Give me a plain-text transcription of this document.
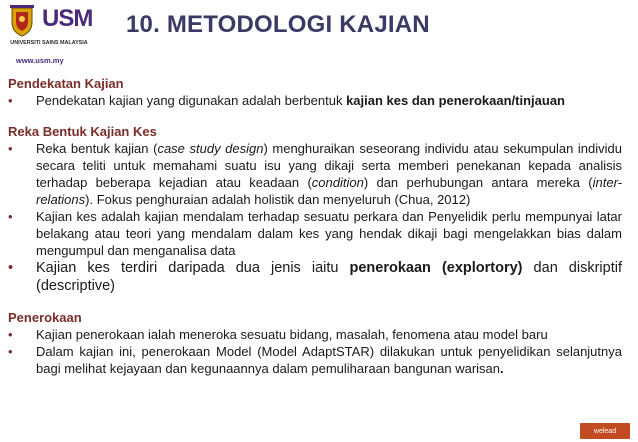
USM
UNIVERSITI SAINS MALAYSIA
www.usm.my
10. METODOLOGI KAJIAN
Pendekatan Kajian
•	Pendekatan kajian yang digunakan adalah berbentuk kajian kes dan penerokaan/tinjauan
Reka Bentuk Kajian Kes
•	Reka bentuk kajian (case study design) menghuraikan seseorang individu atau sekumpulan individu secara teliti untuk memahami suatu isu yang dikaji serta memberi penekanan kepada analisis terhadap beberapa kejadian atau keadaan (condition) dan perhubungan antara mereka (inter-relations). Fokus penghuraian adalah holistik dan menyeluruh (Chua, 2012)
•	Kajian kes adalah kajian mendalam terhadap sesuatu perkara dan Penyelidik perlu mempunyai latar belakang atau teori yang mendalam dalam kes yang hendak dikaji bagi mengelakkan bias dalam mengumpul dan menganalisa data
•	Kajian kes terdiri daripada dua jenis iaitu penerokaan (explortory) dan diskriptif (descriptive)
Penerokaan
•	Kajian penerokaan ialah meneroka sesuatu bidang, masalah, fenomena atau model baru
•	Dalam kajian ini, penerokaan Model (Model AdaptSTAR) dilakukan untuk penyelidikan selanjutnya bagi melihat kejayaan dan kegunaannya dalam pemuliharaan bangunan warisan.
welead
